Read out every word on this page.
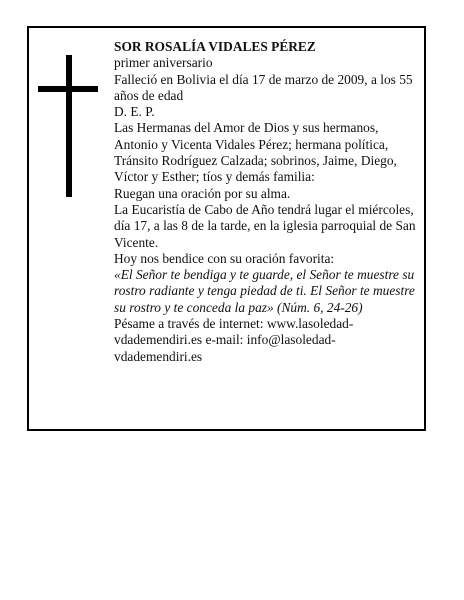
SOR ROSALÍA VIDALES PÉREZ

primer aniversario

Falleció en Bolivia el día 17 de marzo de 2009, a los 55 años de edad

D. E. P.

Las Hermanas del Amor de Dios y sus hermanos, Antonio y Vicenta Vidales Pérez; hermana política, Tránsito Rodríguez Calzada; sobrinos, Jaime, Diego, Víctor y Esther; tíos y demás familia:

Ruegan una oración por su alma.

La Eucaristía de Cabo de Año tendrá lugar el miércoles, día 17, a las 8 de la tarde, en la iglesia parroquial de San Vicente.

Hoy nos bendice con su oración favorita:

«El Señor te bendiga y te guarde, el Señor te muestre su rostro radiante y tenga piedad de ti. El Señor te muestre su rostro y te conceda la paz» (Núm. 6, 24-26)

Pésame a través de internet: www.lasoledad-vdademendiri.es e-mail: info@lasoledad-vdademendiri.es
